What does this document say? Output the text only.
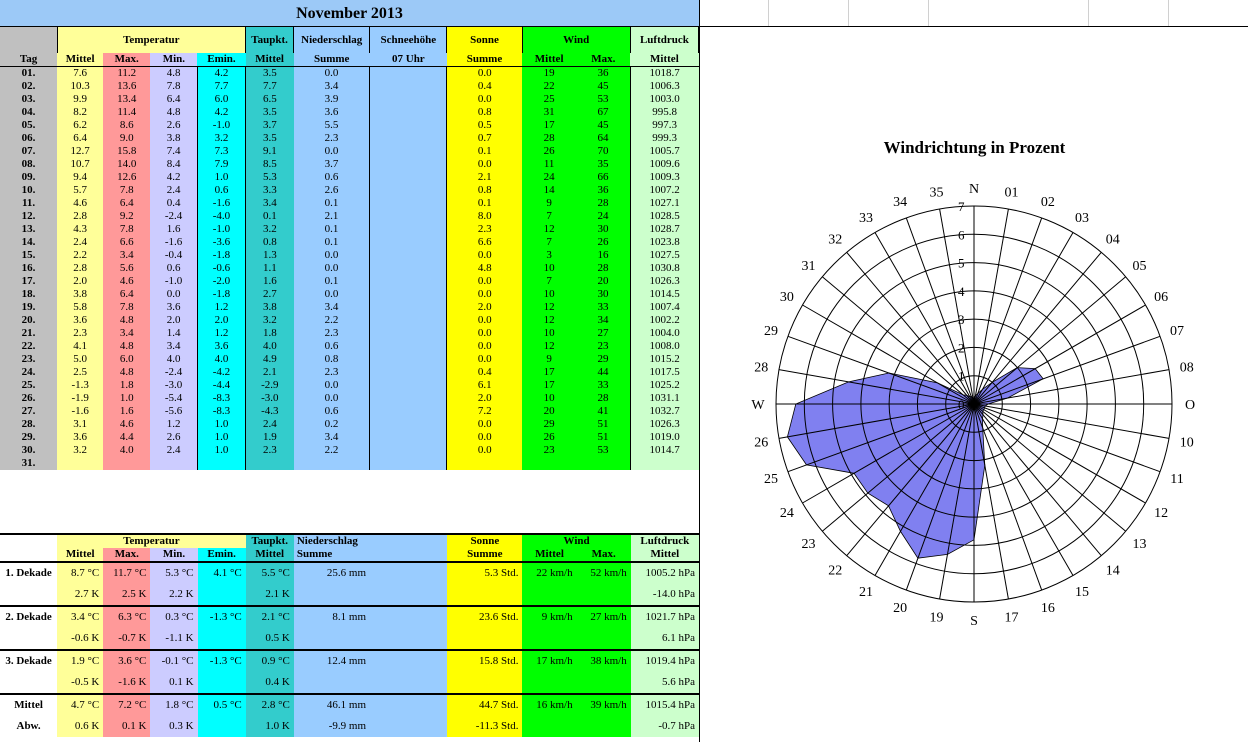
November 2013
	Temperatur				Taupkt.	Niederschlag	Schneehöhe	Sonne	Wind		Luftdruck
Tag	Mittel	Max.	Min.	Emin.	Mittel	Summe	07 Uhr	Summe	Mittel	Max.	Mittel
01.	7.6	11.2	4.8	4.2	3.5	0.0		0.0	19	36	1018.7
02.	10.3	13.6	7.8	7.7	7.7	3.4		0.4	22	45	1006.3
03.	9.9	13.4	6.4	6.0	6.5	3.9		0.0	25	53	1003.0
04.	8.2	11.4	4.8	4.2	3.5	3.6		0.8	31	67	995.8
05.	6.2	8.6	2.6	-1.0	3.7	5.5		0.5	17	45	997.3
06.	6.4	9.0	3.8	3.2	3.5	2.3		0.7	28	64	999.3
07.	12.7	15.8	7.4	7.3	9.1	0.0		0.1	26	70	1005.7
08.	10.7	14.0	8.4	7.9	8.5	3.7		0.0	11	35	1009.6
09.	9.4	12.6	4.2	1.0	5.3	0.6		2.1	24	66	1009.3
10.	5.7	7.8	2.4	0.6	3.3	2.6		0.8	14	36	1007.2
11.	4.6	6.4	0.4	-1.6	3.4	0.1		0.1	9	28	1027.1
12.	2.8	9.2	-2.4	-4.0	0.1	2.1		8.0	7	24	1028.5
13.	4.3	7.8	1.6	-1.0	3.2	0.1		2.3	12	30	1028.7
14.	2.4	6.6	-1.6	-3.6	0.8	0.1		6.6	7	26	1023.8
15.	2.2	3.4	-0.4	-1.8	1.3	0.0		0.0	3	16	1027.5
16.	2.8	5.6	0.6	-0.6	1.1	0.0		4.8	10	28	1030.8
17.	2.0	4.6	-1.0	-2.0	1.6	0.1		0.0	7	20	1026.3
18.	3.8	6.4	0.0	-1.8	2.7	0.0		0.0	10	30	1014.5
19.	5.8	7.8	3.6	1.2	3.8	3.4		2.0	12	33	1007.4
20.	3.6	4.8	2.0	2.0	3.2	2.2		0.0	12	34	1002.2
21.	2.3	3.4	1.4	1.2	1.8	2.3		0.0	10	27	1004.0
22.	4.1	4.8	3.4	3.6	4.0	0.6		0.0	12	23	1008.0
23.	5.0	6.0	4.0	4.0	4.9	0.8		0.0	9	29	1015.2
24.	2.5	4.8	-2.4	-4.2	2.1	2.3		0.4	17	44	1017.5
25.	-1.3	1.8	-3.0	-4.4	-2.9	0.0		6.1	17	33	1025.2
26.	-1.9	1.0	-5.4	-8.3	-3.0	0.0		2.0	10	28	1031.1
27.	-1.6	1.6	-5.6	-8.3	-4.3	0.6		7.2	20	41	1032.7
28.	3.1	4.6	1.2	1.0	2.4	0.2		0.0	29	51	1026.3
29.	3.6	4.4	2.6	1.0	1.9	3.4		0.0	26	51	1019.0
30.	3.2	4.0	2.4	1.0	2.3	2.2		0.0	23	53	1014.7
31.											
	Temperatur				Taupkt.	Niederschlag		Sonne	Wind		Luftdruck
	Mittel	Max.	Min.	Emin.	Mittel	Summe		Summe	Mittel	Max.	Mittel
1. Dekade	8.7 °C	11.7 °C	5.3 °C	4.1 °C	5.5 °C	25.6 mm		5.3 Std.	22 km/h	52 km/h	1005.2 hPa
	2.7 K	2.5 K	2.2 K		2.1 K						-14.0 hPa
2. Dekade	3.4 °C	6.3 °C	0.3 °C	-1.3 °C	2.1 °C	8.1 mm		23.6 Std.	9 km/h	27 km/h	1021.7 hPa
	-0.6 K	-0.7 K	-1.1 K		0.5 K						6.1 hPa
3. Dekade	1.9 °C	3.6 °C	-0.1 °C	-1.3 °C	0.9 °C	12.4 mm		15.8 Std.	17 km/h	38 km/h	1019.4 hPa
	-0.5 K	-1.6 K	0.1 K		0.4 K						5.6 hPa
Mittel	4.7 °C	7.2 °C	1.8 °C	0.5 °C	2.8 °C	46.1 mm		44.7 Std.	16 km/h	39 km/h	1015.4 hPa
Abw.	0.6 K	0.1 K	0.3 K		1.0 K	-9.9 mm		-11.3 Std.			-0.7 hPa
Windrichtung in Prozent
N 01
02
03
04
05
06
07
08
O
10
11
12
13
14
15
16
17
S
19
20
21
22
23
24
25
26
W
28
29
30
31
32
33
34
35
0
1
2
3
4
5
6
7
